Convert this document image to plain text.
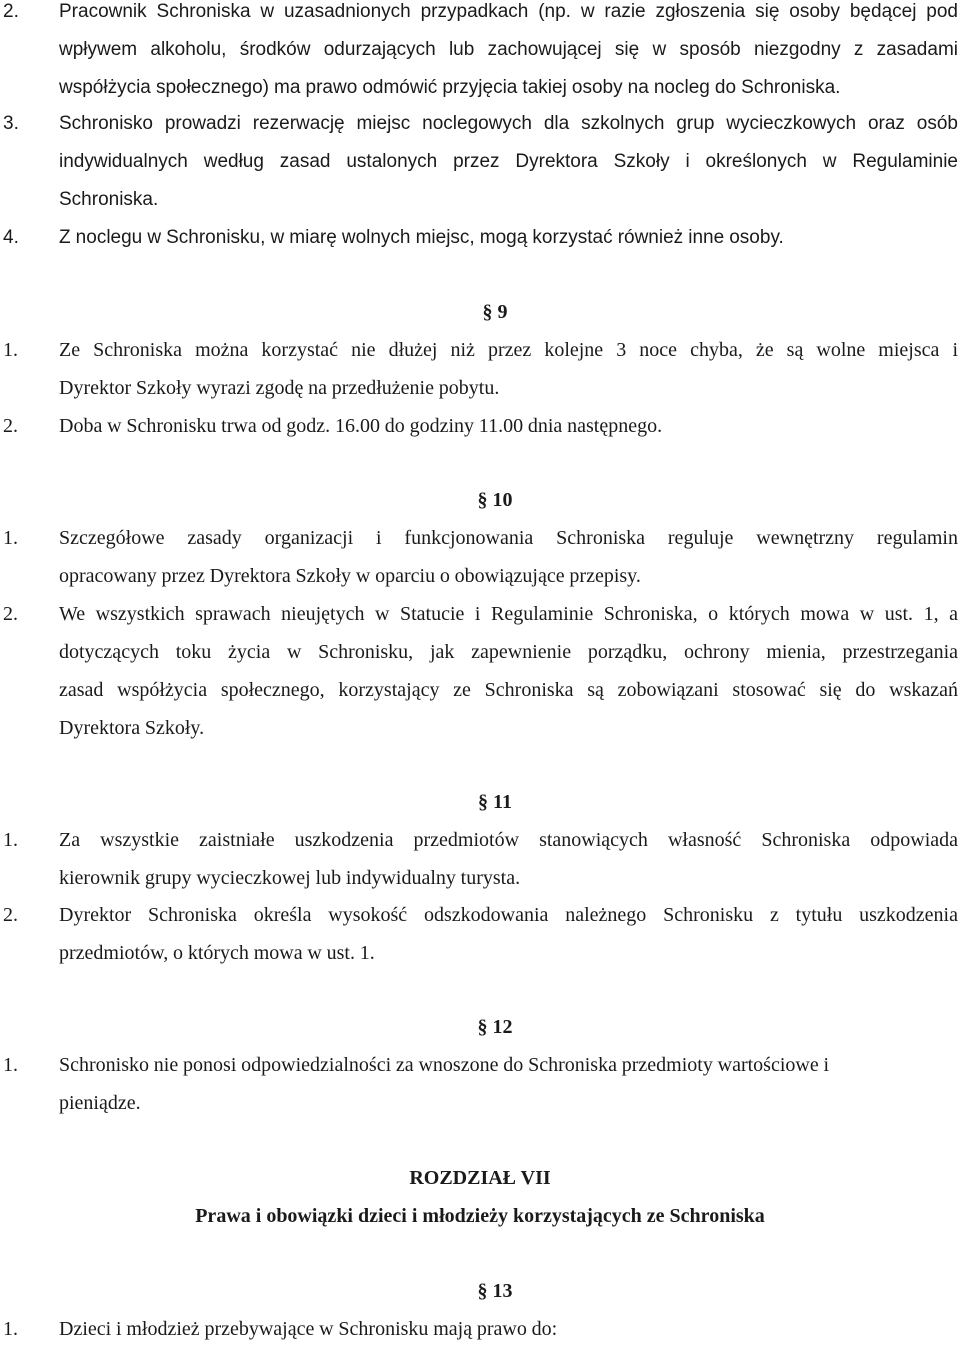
2. Pracownik Schroniska w uzasadnionych przypadkach (np. w razie zgłoszenia się osoby będącej pod
wpływem alkoholu, środków odurzających lub zachowującej się w sposób niezgodny z zasadami
współżycia społecznego) ma prawo odmówić przyjęcia takiej osoby na nocleg do Schroniska.
3. Schronisko prowadzi rezerwację miejsc noclegowych dla szkolnych grup wycieczkowych oraz osób
indywidualnych według zasad ustalonych przez Dyrektora Szkoły i określonych w Regulaminie
Schroniska.
4. Z noclegu w Schronisku, w miarę wolnych miejsc, mogą korzystać również inne osoby.
§ 9
1. Ze Schroniska można korzystać nie dłużej niż przez kolejne 3 noce chyba, że są wolne miejsca i
Dyrektor Szkoły wyrazi zgodę na przedłużenie pobytu.
2. Doba w Schronisku trwa od godz. 16.00 do godziny 11.00 dnia następnego.
§ 10
1. Szczegółowe zasady organizacji i funkcjonowania Schroniska reguluje wewnętrzny regulamin
opracowany przez Dyrektora Szkoły w oparciu o obowiązujące przepisy.
2. We wszystkich sprawach nieujętych w Statucie i Regulaminie Schroniska, o których mowa w ust. 1, a
dotyczących toku życia w Schronisku, jak zapewnienie porządku, ochrony mienia, przestrzegania
zasad współżycia społecznego, korzystający ze Schroniska są zobowiązani stosować się do wskazań
Dyrektora Szkoły.
§ 11
1. Za wszystkie zaistniałe uszkodzenia przedmiotów stanowiących własność Schroniska odpowiada
kierownik grupy wycieczkowej lub indywidualny turysta.
2. Dyrektor Schroniska określa wysokość odszkodowania należnego Schronisku z tytułu uszkodzenia
przedmiotów, o których mowa w ust. 1.
§ 12
1. Schronisko nie ponosi odpowiedzialności za wnoszone do Schroniska przedmioty wartościowe i
pieniądze.
ROZDZIAŁ VII
Prawa i obowiązki dzieci i młodzieży korzystających ze Schroniska
§ 13
1. Dzieci i młodzież przebywające w Schronisku mają prawo do:
